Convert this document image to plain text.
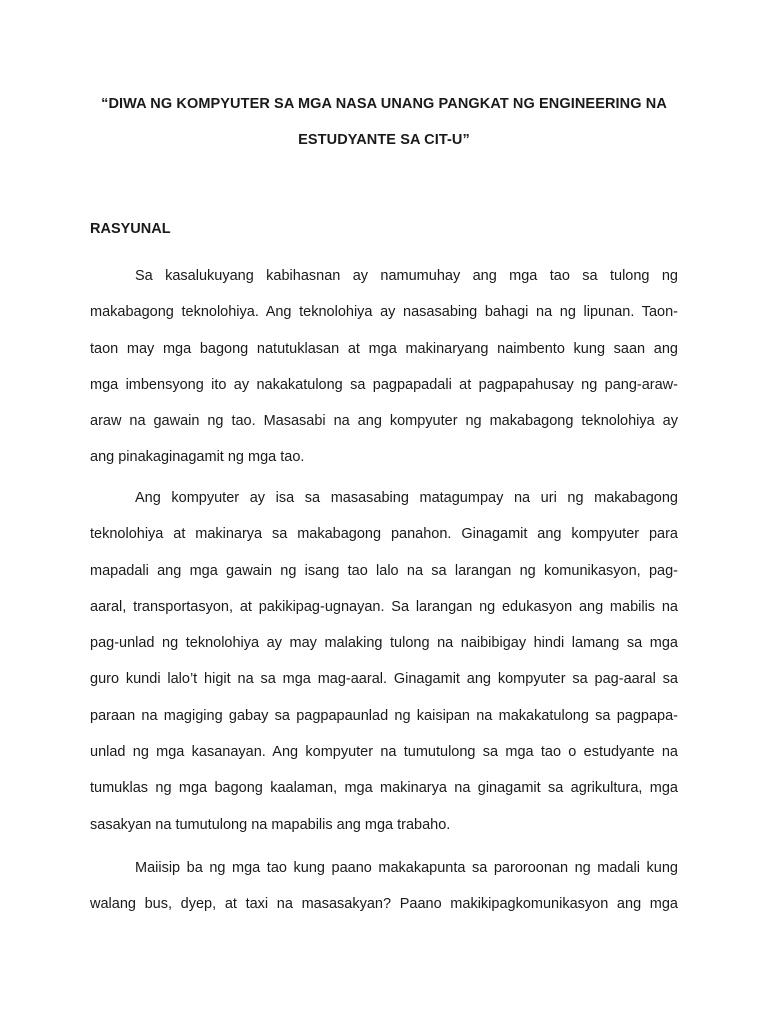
“DIWA NG KOMPYUTER SA MGA NASA UNANG PANGKAT NG ENGINEERING NA
ESTUDYANTE SA CIT-U”
RASYUNAL

Sa kasalukuyang kabihasnan ay namumuhay ang mga tao sa tulong ng
makabagong teknolohiya. Ang teknolohiya ay nasasabing bahagi na ng lipunan. Taon-
taon may mga bagong natutuklasan at mga makinaryang naimbento kung saan ang
mga imbensyong ito ay nakakatulong sa pagpapadali at pagpapahusay ng pang-araw-
araw na gawain ng tao. Masasabi na ang kompyuter ng makabagong teknolohiya ay
ang pinakaginagamit ng mga tao.

Ang kompyuter ay isa sa masasabing matagumpay na uri ng makabagong
teknolohiya at makinarya sa makabagong panahon. Ginagamit ang kompyuter para
mapadali ang mga gawain ng isang tao lalo na sa larangan ng komunikasyon, pag-
aaral, transportasyon, at pakikipag-ugnayan. Sa larangan ng edukasyon ang mabilis na
pag-unlad ng teknolohiya ay may malaking tulong na naibibigay hindi lamang sa mga
guro kundi lalo’t higit na sa mga mag-aaral. Ginagamit ang kompyuter sa pag-aaral sa
paraan na magiging gabay sa pagpapaunlad ng kaisipan na makakatulong sa pagpapa-
unlad ng mga kasanayan. Ang kompyuter na tumutulong sa mga tao o estudyante na
tumuklas ng mga bagong kaalaman, mga makinarya na ginagamit sa agrikultura, mga
sasakyan na tumutulong na mapabilis ang mga trabaho.

Maiisip ba ng mga tao kung paano makakapunta sa paroroonan ng madali kung
walang bus, dyep, at taxi na masasakyan? Paano makikipagkomunikasyon ang mga
